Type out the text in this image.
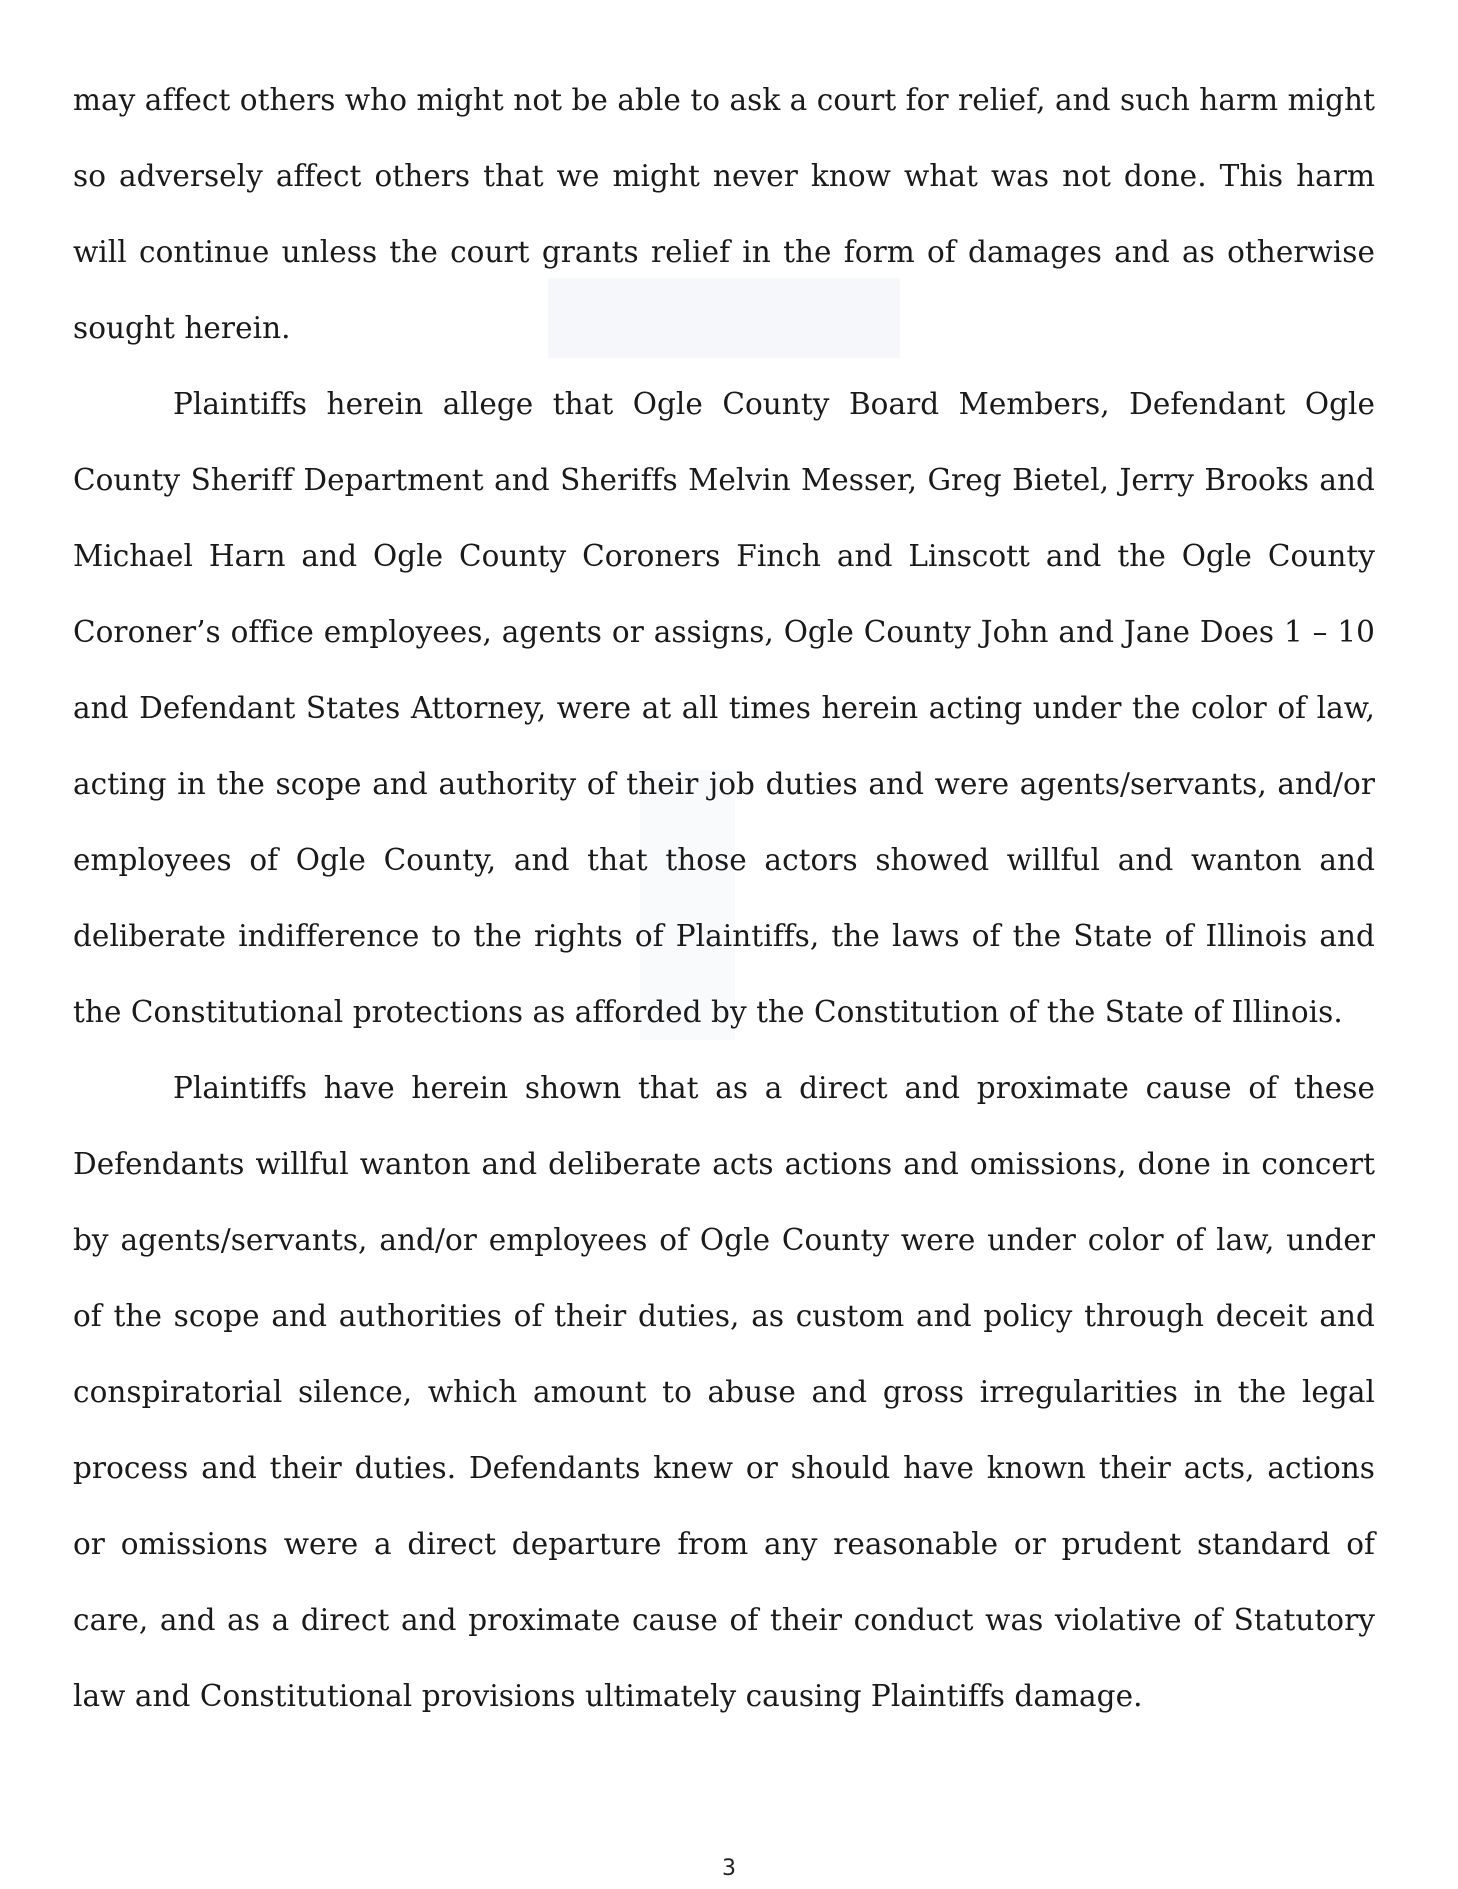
may affect others who might not be able to ask a court for relief, and such harm might so adversely affect others that we might never know what was not done. This harm will continue unless the court grants relief in the form of damages and as otherwise sought herein.

Plaintiffs herein allege that Ogle County Board Members, Defendant Ogle County Sheriff Department and Sheriffs Melvin Messer, Greg Bietel, Jerry Brooks and Michael Harn and Ogle County Coroners Finch and Linscott and the Ogle County Coroner’s office employees, agents or assigns, Ogle County John and Jane Does 1 – 10 and Defendant States Attorney, were at all times herein acting under the color of law, acting in the scope and authority of their job duties and were agents/servants, and/or employees of Ogle County, and that those actors showed willful and wanton and deliberate indifference to the rights of Plaintiffs, the laws of the State of Illinois and the Constitutional protections as afforded by the Constitution of the State of Illinois.

Plaintiffs have herein shown that as a direct and proximate cause of these Defendants willful wanton and deliberate acts actions and omissions, done in concert by agents/servants, and/or employees of Ogle County were under color of law, under of the scope and authorities of their duties, as custom and policy through deceit and conspiratorial silence, which amount to abuse and gross irregularities in the legal process and their duties. Defendants knew or should have known their acts, actions or omissions were a direct departure from any reasonable or prudent standard of care, and as a direct and proximate cause of their conduct was violative of Statutory law and Constitutional provisions ultimately causing Plaintiffs damage.

3
